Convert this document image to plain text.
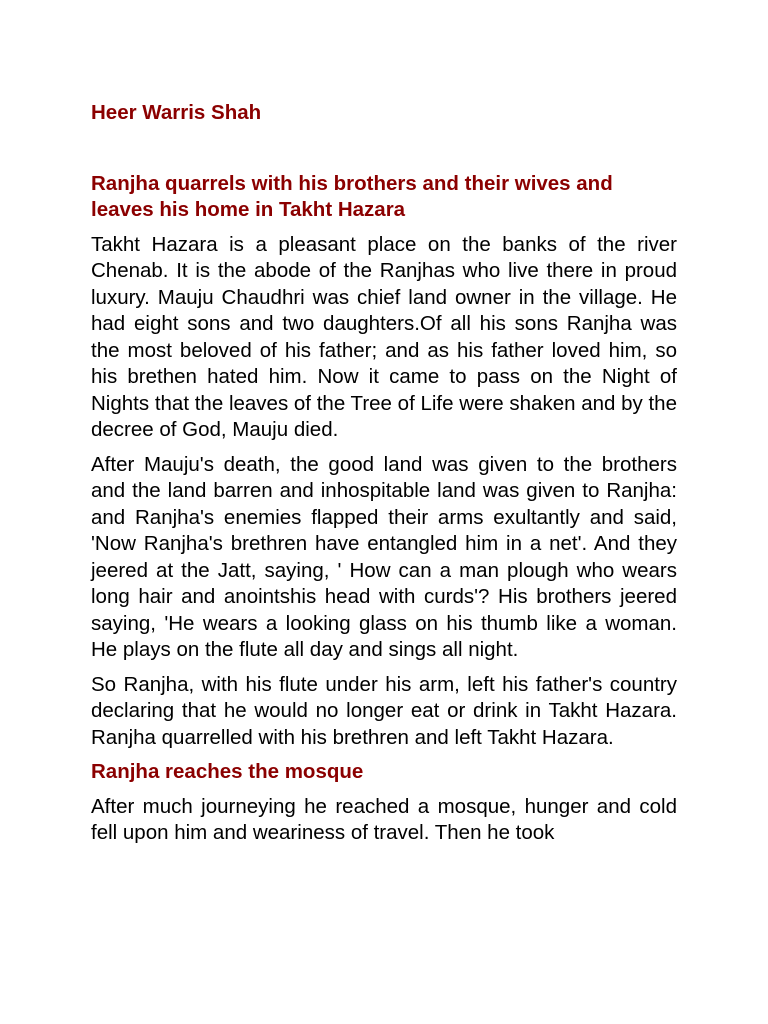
Heer Warris Shah
Ranjha quarrels with his brothers and their wives and leaves his home in Takht Hazara

Takht Hazara is a pleasant place on the banks of the river Chenab. It is the abode of the Ranjhas who live there in proud luxury. Mauju Chaudhri was chief land owner in the village. He had eight sons and two daughters.Of all his sons Ranjha was the most beloved of his father; and as his father loved him, so his brethen hated him. Now it came to pass on the Night of Nights that the leaves of the Tree of Life were shaken and by the decree of God, Mauju died.

After Mauju's death, the good land was given to the brothers and the land barren and inhospitable land was given to Ranjha: and Ranjha's enemies flapped their arms exultantly and said, 'Now Ranjha's brethren have entangled him in a net'. And they jeered at the Jatt, saying, ' How can a man plough who wears long hair and anointshis head with curds'? His brothers jeered saying, 'He wears a looking glass on his thumb like a woman. He plays on the flute all day and sings all night.

So Ranjha, with his flute under his arm, left his father's country declaring that he would no longer eat or drink in Takht Hazara. Ranjha quarrelled with his brethren and left Takht Hazara.

Ranjha reaches the mosque

After much journeying he reached a mosque, hunger and cold fell upon him and weariness of travel. Then he took
